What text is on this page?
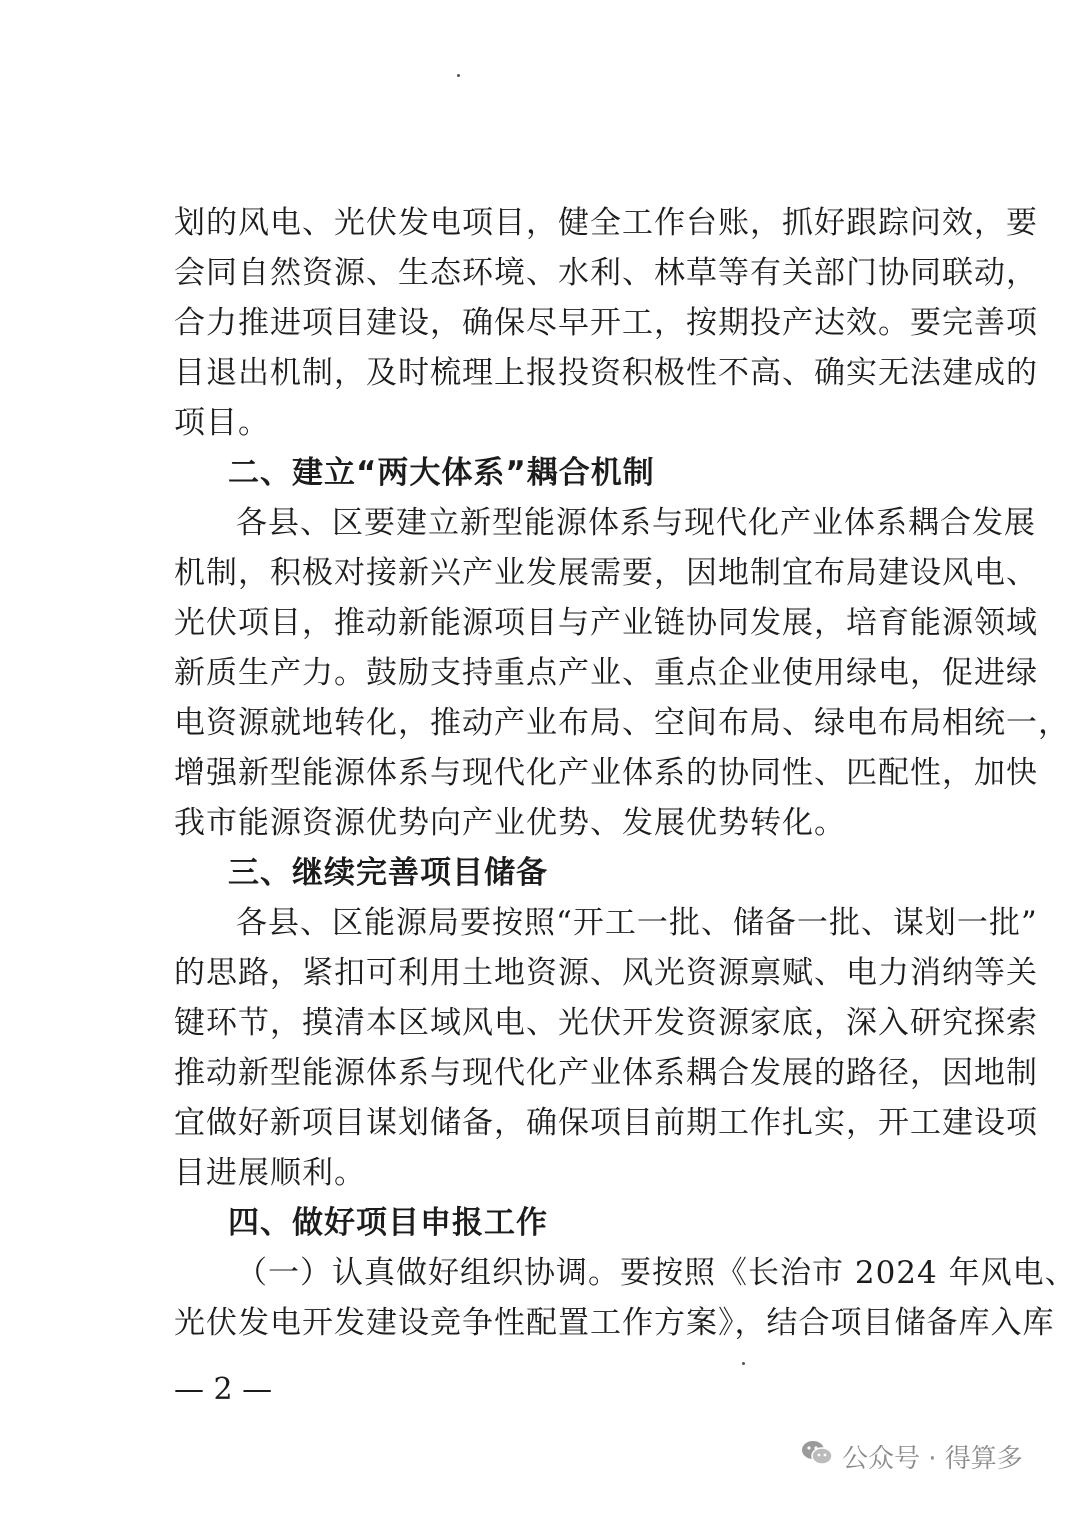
划的风电、光伏发电项目，健全工作台账，抓好跟踪问效，要
会同自然资源、生态环境、水利、林草等有关部门协同联动，
合力推进项目建设，确保尽早开工，按期投产达效。要完善项
目退出机制，及时梳理上报投资积极性不高、确实无法建成的
项目。
二、建立“两大体系”耦合机制
各县、区要建立新型能源体系与现代化产业体系耦合发展
机制，积极对接新兴产业发展需要，因地制宜布局建设风电、
光伏项目，推动新能源项目与产业链协同发展，培育能源领域
新质生产力。鼓励支持重点产业、重点企业使用绿电，促进绿
电资源就地转化，推动产业布局、空间布局、绿电布局相统一，
增强新型能源体系与现代化产业体系的协同性、匹配性，加快
我市能源资源优势向产业优势、发展优势转化。
三、继续完善项目储备
各县、区能源局要按照“开工一批、储备一批、谋划一批”
的思路，紧扣可利用土地资源、风光资源禀赋、电力消纳等关
键环节，摸清本区域风电、光伏开发资源家底，深入研究探索
推动新型能源体系与现代化产业体系耦合发展的路径，因地制
宜做好新项目谋划储备，确保项目前期工作扎实，开工建设项
目进展顺利。
四、做好项目申报工作
（一）认真做好组织协调。要按照《长治市 2024 年风电、
光伏发电开发建设竞争性配置工作方案》，结合项目储备库入库
— 2 —
公众号 · 得算多
